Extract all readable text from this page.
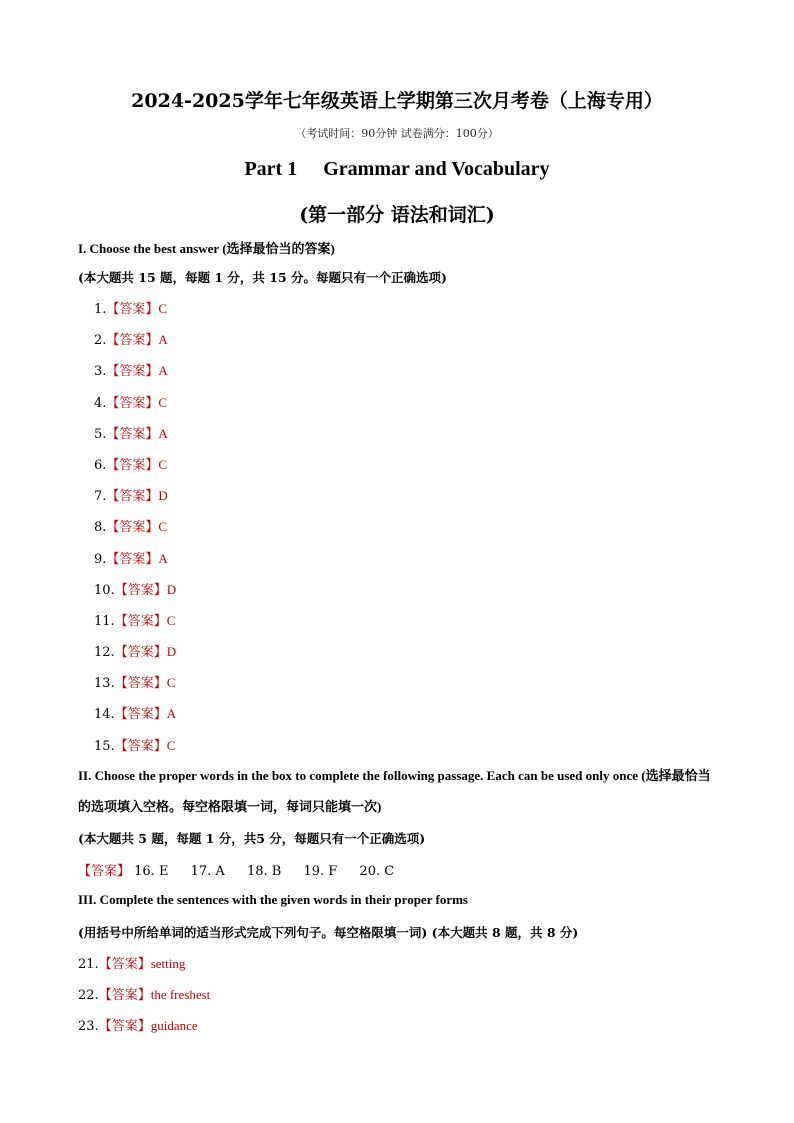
2024-2025学年七年级英语上学期第三次月考卷（上海专用）
（考试时间：90分钟 试卷满分：100分）
Part 1 Grammar and Vocabulary
(第一部分 语法和词汇)
I. Choose the best answer (选择最恰当的答案)
(本大题共 15 题，每题 1 分，共 15 分。每题只有一个正确选项)
1.【答案】C
2.【答案】A
3.【答案】A
4.【答案】C
5.【答案】A
6.【答案】C
7.【答案】D
8.【答案】C
9.【答案】A
10.【答案】D
11.【答案】C
12.【答案】D
13.【答案】C
14.【答案】A
15.【答案】C
II. Choose the proper words in the box to complete the following passage. Each can be used only once (选择最恰当的选项填入空格。每空格限填一词，每词只能填一次)
(本大题共 5 题，每题 1 分，共5 分，每题只有一个正确选项)
【答案】 16. E 17. A 18. B 19. F 20. C
III. Complete the sentences with the given words in their proper forms
(用括号中所给单词的适当形式完成下列句子。每空格限填一词) (本大题共 8 题，共 8 分)
21.【答案】setting
22.【答案】the freshest
23.【答案】guidance
